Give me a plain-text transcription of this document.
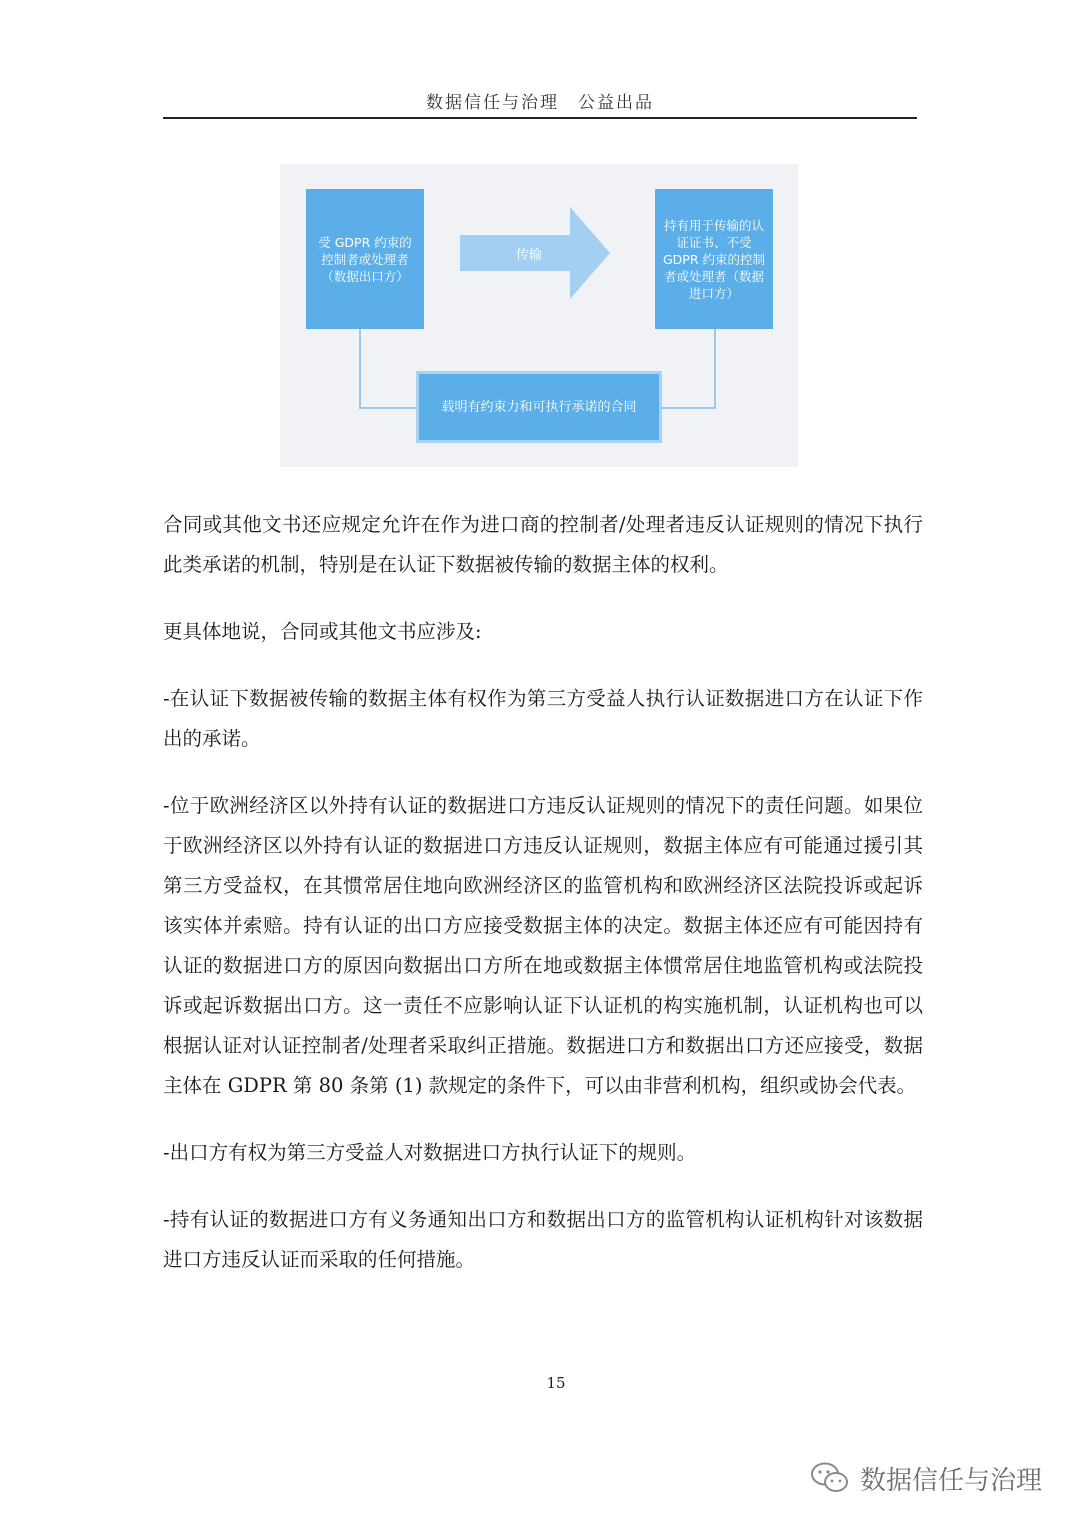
数据信任与治理　公益出品
受 GDPR 约束的控制者或处理者（数据出口方）
传输
持有用于传输的认证证书、不受 GDPR 约束的控制者或处理者（数据进口方）
载明有约束力和可执行承诺的合同

合同或其他文书还应规定允许在作为进口商的控制者/处理者违反认证规则的情况下执行此类承诺的机制，特别是在认证下数据被传输的数据主体的权利。

更具体地说，合同或其他文书应涉及:

-在认证下数据被传输的数据主体有权作为第三方受益人执行认证数据进口方在认证下作出的承诺。

-位于欧洲经济区以外持有认证的数据进口方违反认证规则的情况下的责任问题。如果位于欧洲经济区以外持有认证的数据进口方违反认证规则，数据主体应有可能通过援引其第三方受益权，在其惯常居住地向欧洲经济区的监管机构和欧洲经济区法院投诉或起诉该实体并索赔。持有认证的出口方应接受数据主体的决定。数据主体还应有可能因持有认证的数据进口方的原因向数据出口方所在地或数据主体惯常居住地监管机构或法院投诉或起诉数据出口方。这一责任不应影响认证下认证机的构实施机制，认证机构也可以根据认证对认证控制者/处理者采取纠正措施。数据进口方和数据出口方还应接受，数据主体在 GDPR 第 80 条第 (1) 款规定的条件下，可以由非营利机构，组织或协会代表。

-出口方有权为第三方受益人对数据进口方执行认证下的规则。

-持有认证的数据进口方有义务通知出口方和数据出口方的监管机构认证机构针对该数据进口方违反认证而采取的任何措施。

15
数据信任与治理
